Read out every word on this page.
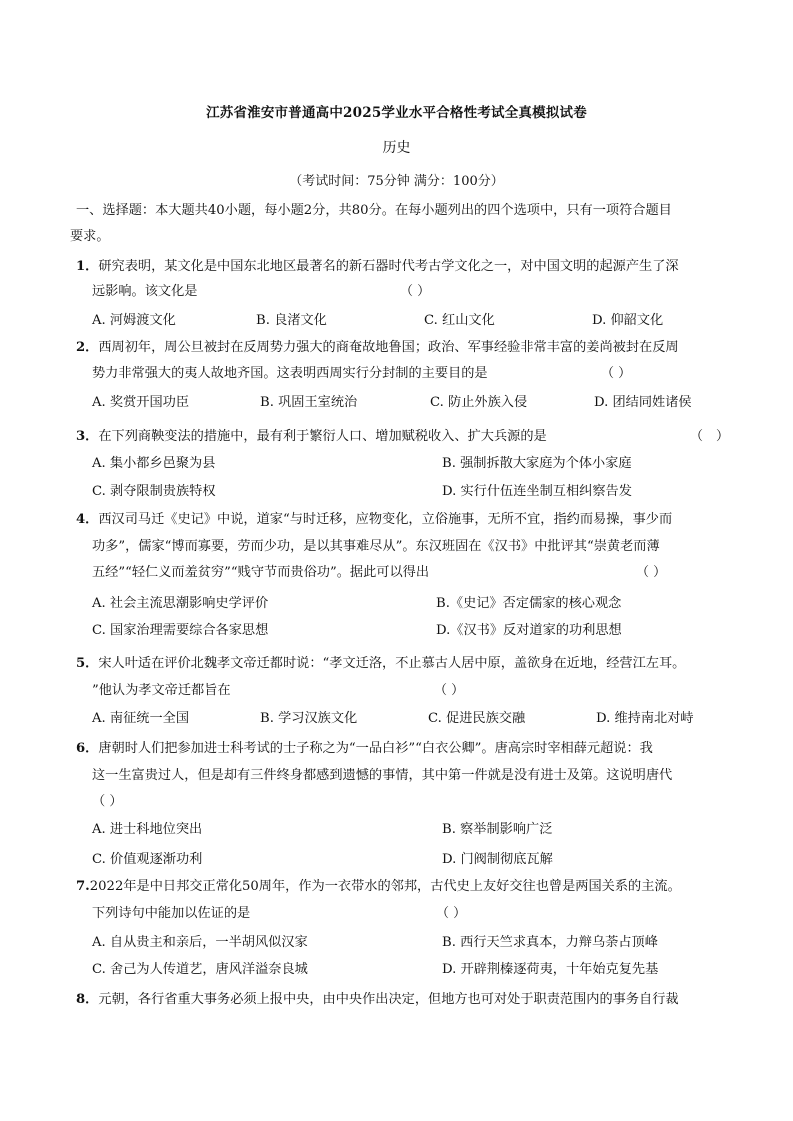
江苏省淮安市普通高中2025学业水平合格性考试全真模拟试卷
历史
（考试时间：75分钟 满分：100分）
一、选择题：本大题共40小题，每小题2分，共80分。在每小题列出的四个选项中，只有一项符合题目
要求。
1．研究表明，某文化是中国东北地区最著名的新石器时代考古学文化之一，对中国文明的起源产生了深
远影响。该文化是	（ ）
A. 河姆渡文化	B. 良渚文化	C. 红山文化	D. 仰韶文化
2．西周初年，周公旦被封在反周势力强大的商奄故地鲁国；政治、军事经验非常丰富的姜尚被封在反周
势力非常强大的夷人故地齐国。这表明西周实行分封制的主要目的是	（ ）
A. 奖赏开国功臣	B. 巩固王室统治	C. 防止外族入侵	D. 团结同姓诸侯
3．在下列商鞅变法的措施中，最有利于繁衍人口、增加赋税收入、扩大兵源的是	（　）
A. 集小都乡邑聚为县	B. 强制拆散大家庭为个体小家庭
C. 剥夺限制贵族特权	D. 实行什伍连坐制互相纠察告发
4．西汉司马迁《史记》中说，道家“与时迁移，应物变化，立俗施事，无所不宜，指约而易操，事少而
功多”，儒家“博而寡要，劳而少功，是以其事难尽从”。东汉班固在《汉书》中批评其“崇黄老而薄
五经”“轻仁义而羞贫穷”“贱守节而贵俗功”。据此可以得出	（ ）
A. 社会主流思潮影响史学评价	B.《史记》否定儒家的核心观念
C. 国家治理需要综合各家思想	D.《汉书》反对道家的功利思想
5．宋人叶适在评价北魏孝文帝迁都时说：“孝文迁洛，不止慕古人居中原，盖欲身在近地，经营江左耳。
”他认为孝文帝迁都旨在	（ ）
A. 南征统一全国	B. 学习汉族文化	C. 促进民族交融	D. 维持南北对峙
6．唐朝时人们把参加进士科考试的士子称之为“一品白衫”“白衣公卿”。唐高宗时宰相薛元超说：我
这一生富贵过人，但是却有三件终身都感到遗憾的事情，其中第一件就是没有进士及第。这说明唐代
（ ）
A. 进士科地位突出	B. 察举制影响广泛
C. 价值观逐渐功利	D. 门阀制彻底瓦解
7.2022年是中日邦交正常化50周年，作为一衣带水的邻邦，古代史上友好交往也曾是两国关系的主流。
下列诗句中能加以佐证的是	（ ）
A. 自从贵主和亲后，一半胡风似汉家	B. 西行天竺求真本，力辩乌荼占顶峰
C. 舍己为人传道艺，唐风洋溢奈良城	D. 开辟荆榛逐荷夷，十年始克复先基
8．元朝，各行省重大事务必须上报中央，由中央作出决定，但地方也可对处于职责范围内的事务自行裁
